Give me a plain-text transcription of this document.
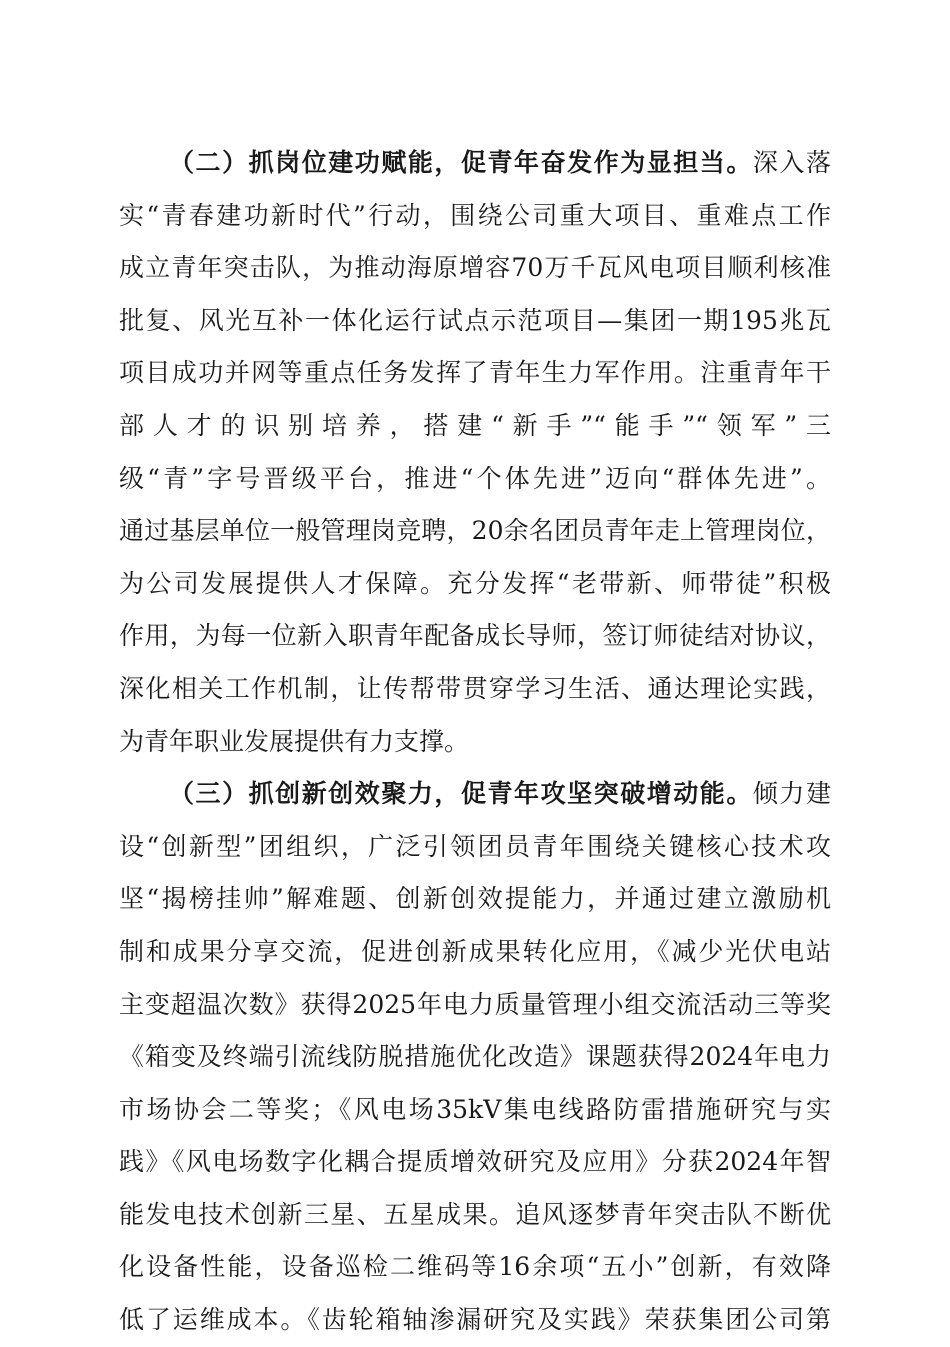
（二）抓岗位建功赋能，促青年奋发作为显担当。深入落
实“青春建功新时代”行动，围绕公司重大项目、重难点工作
成立青年突击队，为推动海原增容70万千瓦风电项目顺利核准
批复、风光互补一体化运行试点示范项目—集团一期195兆瓦
项目成功并网等重点任务发挥了青年生力军作用。注重青年干
部人才的识别培养，搭建“新手”“能手”“领军”三
级“青”字号晋级平台，推进“个体先进”迈向“群体先进”。
通过基层单位一般管理岗竞聘，20余名团员青年走上管理岗位，
为公司发展提供人才保障。充分发挥“老带新、师带徒”积极
作用，为每一位新入职青年配备成长导师，签订师徒结对协议，
深化相关工作机制，让传帮带贯穿学习生活、通达理论实践，
为青年职业发展提供有力支撑。
（三）抓创新创效聚力，促青年攻坚突破增动能。倾力建
设“创新型”团组织，广泛引领团员青年围绕关键核心技术攻
坚“揭榜挂帅”解难题、创新创效提能力，并通过建立激励机
制和成果分享交流，促进创新成果转化应用，《减少光伏电站
主变超温次数》获得2025年电力质量管理小组交流活动三等奖
《箱变及终端引流线防脱措施优化改造》课题获得2024年电力
市场协会二等奖；《风电场35kV集电线路防雷措施研究与实
践》《风电场数字化耦合提质增效研究及应用》分获2024年智
能发电技术创新三星、五星成果。追风逐梦青年突击队不断优
化设备性能，设备巡检二维码等16余项“五小”创新，有效降
低了运维成本。《齿轮箱轴渗漏研究及实践》荣获集团公司第
